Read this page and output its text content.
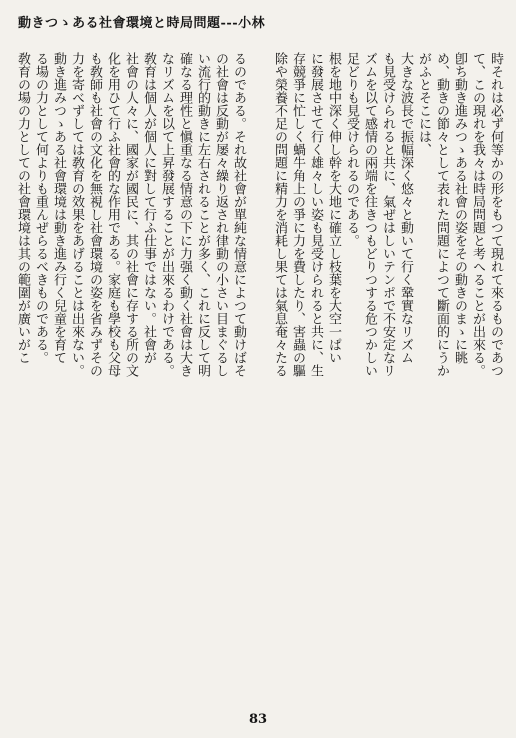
動きつゝある社會環境と時局問題---小林
時それは必ず何等かの形をもつて現れて來るものであつ
て、この現れを我々は時局問題と考へることが出來る。
卽ち動き進みつゝある社會の姿をその動きのまゝに眺
め、動きの節々として表れた問題によつて斷面的にうか
がふとそこには、
大きな波長で振幅深く悠々と動いて行く鞏實なリズム
も見受けられると共に、氣ぜはしいテンポで不安定なリ
ズムを以て感情の兩端を往きつもどりつする危つかしい
足どりも見受けられるのである。
根を地中深く伸し幹を大地に確立し枝葉を大空一ぱい
に發展させて行く雄々しい姿も見受けられると共に、生
存競爭に忙しく蝸牛角上の爭に力を費したり、害蟲の驅
除や榮養不足の問題に精力を消耗し果ては氣息奄々たる
るのである。それ故社會が單純な情意によつて動けばそ
の社會は反動が屡々繰り返され律動の小さい目まぐるし
い流行的動きに左右されることが多く、これに反して明
確なる理性と愼重なる情意の下に力强く動く社會は大き
なリズムを以て上昇發展することが出來るわけである。
敎育は個人が個人に對して行ふ仕事ではない。社會が
社會の人々に、國家が國民に、其の社會に存する所の文
化を用ひて行ふ社會的な作用である。家庭も學校も父母
も敎師も社會の文化を無視し社會環境の姿を省みずその
力を寄べずしては敎育の效果をあげることは出來ない。
動き進みつゝある社會環境は動き進み行く兒童を育て
る場の力として何よりも重んぜらるべきものである。
敎育の場の力としての社會環境は其の範圍が廣いがこ
83
